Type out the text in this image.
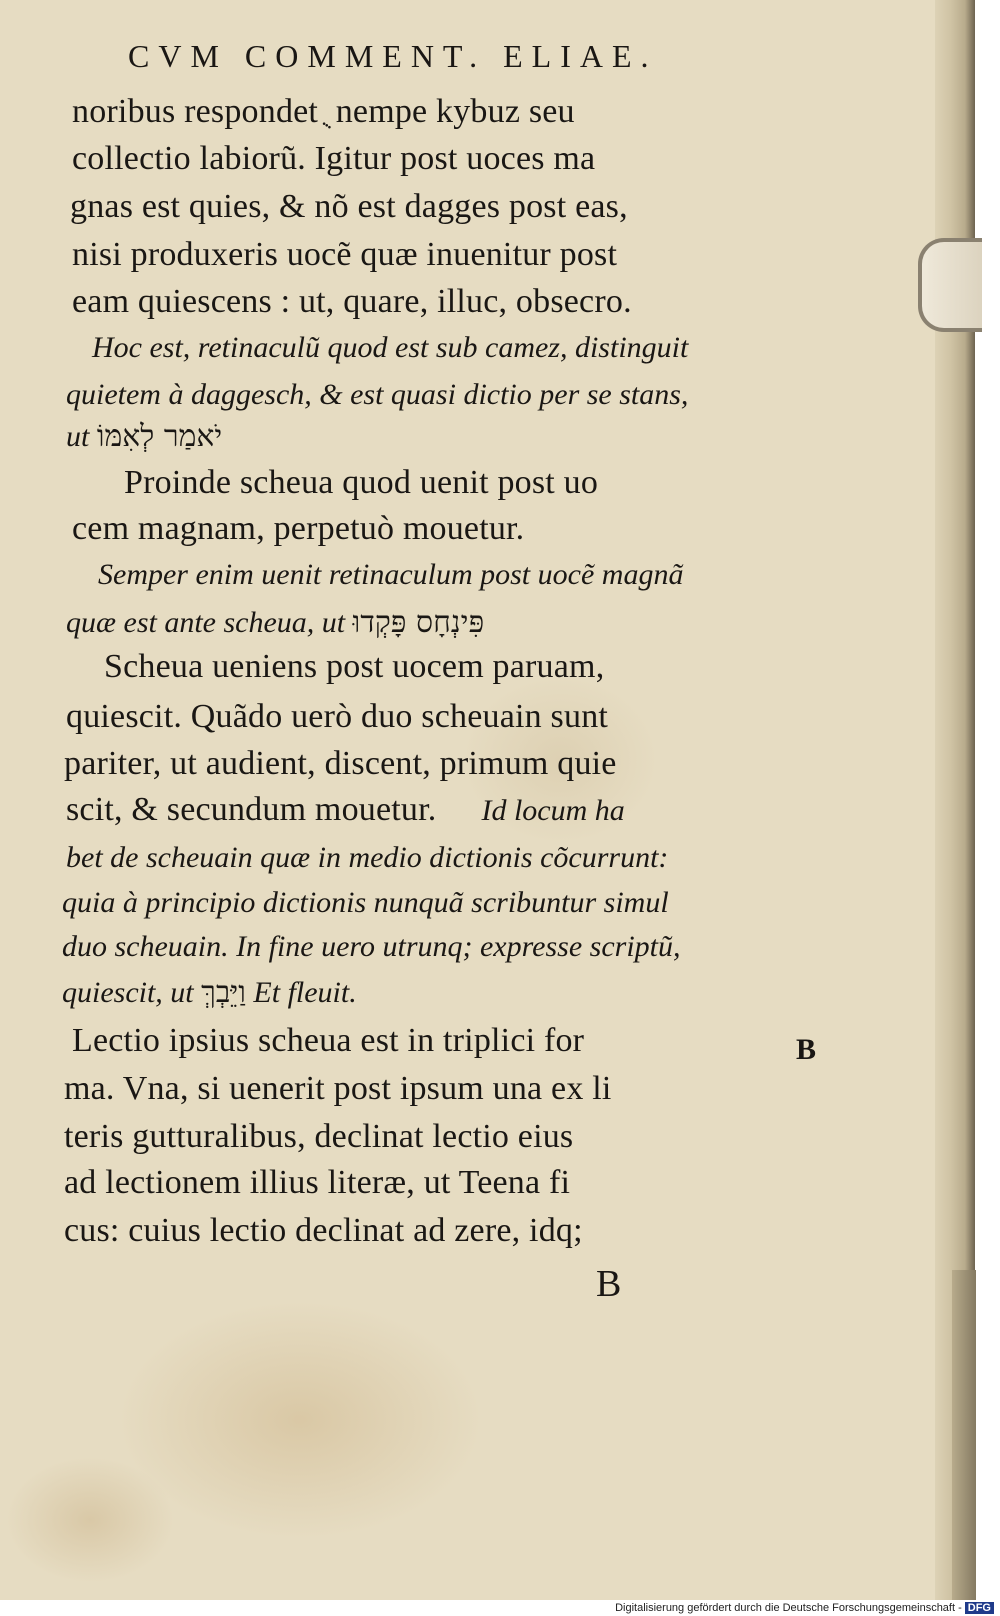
CVM COMMENT. ELIAE.
noribus respondet ֻ nempe kybuz seu
collectio labiorũ. Igitur post uoces ma
gnas est quies, & nõ est dagges post eas,
nisi produxeris uocẽ quæ inuenitur post
eam quiescens : ut, quare, illuc, obsecro.
Hoc est, retinaculũ quod est sub camez, distinguit
quietem à daggesch, & est quasi dictio per se stans,
ut יֹאמַר לְאִמּוֹ
Proinde scheua quod uenit post uo
cem magnam, perpetuò mouetur.
Semper enim uenit retinaculum post uocẽ magnã
quæ est ante scheua, ut פִּינְחָס פָּקְדוּ
Scheua ueniens post uocem paruam,
quiescit. Quãdo uerò duo scheuain sunt
pariter, ut audient, discent, primum quie
scit, & secundum mouetur.      Id locum ha
bet de scheuain quæ in medio dictionis cõcurrunt:
quia à principio dictionis nunquã scribuntur simul
duo scheuain. In fine uero utrunq; expresse scriptũ,
quiescit, ut וַיֵּבְךְּ Et fleuit.
Lectio ipsius scheua est in triplici for
ma. Vna, si uenerit post ipsum una ex li
teris gutturalibus, declinat lectio eius
ad lectionem illius literæ, ut Teena fi
cus: cuius lectio declinat ad zere, idq;
B
B
Digitalisierung gefördert durch die Deutsche Forschungsgemeinschaft - DFG
